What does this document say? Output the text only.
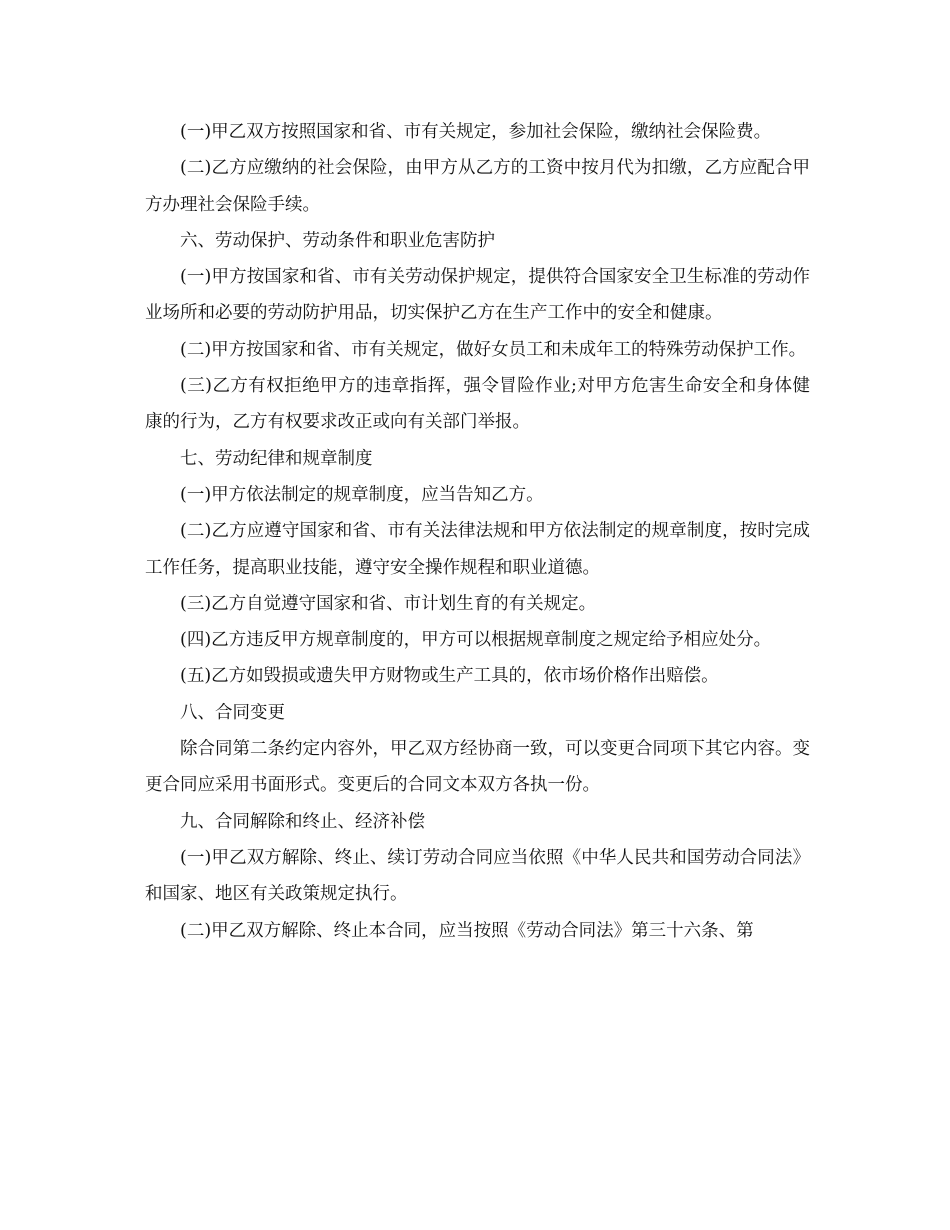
(一)甲乙双方按照国家和省、市有关规定，参加社会保险，缴纳社会保险费。

(二)乙方应缴纳的社会保险，由甲方从乙方的工资中按月代为扣缴，乙方应配合甲方办理社会保险手续。

六、劳动保护、劳动条件和职业危害防护

(一)甲方按国家和省、市有关劳动保护规定，提供符合国家安全卫生标准的劳动作业场所和必要的劳动防护用品，切实保护乙方在生产工作中的安全和健康。

(二)甲方按国家和省、市有关规定，做好女员工和未成年工的特殊劳动保护工作。

(三)乙方有权拒绝甲方的违章指挥，强令冒险作业;对甲方危害生命安全和身体健康的行为，乙方有权要求改正或向有关部门举报。

七、劳动纪律和规章制度

(一)甲方依法制定的规章制度，应当告知乙方。

(二)乙方应遵守国家和省、市有关法律法规和甲方依法制定的规章制度，按时完成工作任务，提高职业技能，遵守安全操作规程和职业道德。

(三)乙方自觉遵守国家和省、市计划生育的有关规定。

(四)乙方违反甲方规章制度的，甲方可以根据规章制度之规定给予相应处分。

(五)乙方如毁损或遗失甲方财物或生产工具的，依市场价格作出赔偿。

八、合同变更

除合同第二条约定内容外，甲乙双方经协商一致，可以变更合同项下其它内容。变更合同应采用书面形式。变更后的合同文本双方各执一份。

九、合同解除和终止、经济补偿

(一)甲乙双方解除、终止、续订劳动合同应当依照《中华人民共和国劳动合同法》和国家、地区有关政策规定执行。

(二)甲乙双方解除、终止本合同，应当按照《劳动合同法》第三十六条、第
